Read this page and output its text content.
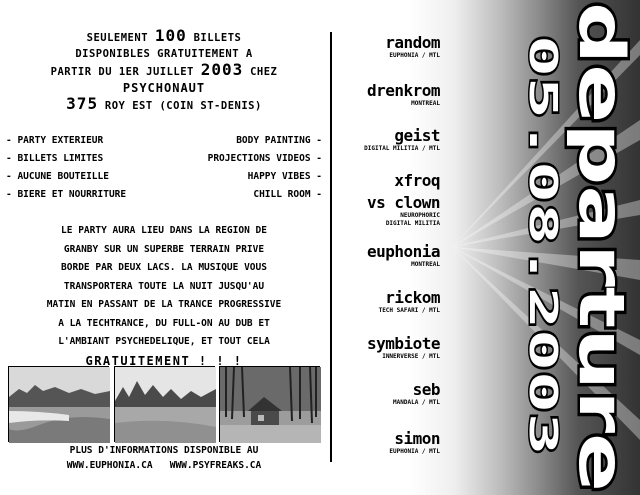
SEULEMENT 100 BILLETS
DISPONIBLES GRATUITEMENT A
PARTIR DU 1ER JUILLET 2003 CHEZ
PSYCHONAUT
375 ROY EST (COIN ST-DENIS)
- PARTY EXTERIEUR	BODY PAINTING -
- BILLETS LIMITES	PROJECTIONS VIDEOS -
- AUCUNE BOUTEILLE	HAPPY VIBES -
- BIERE ET NOURRITURE	CHILL ROOM -
LE PARTY AURA LIEU DANS LA REGION DE
GRANBY SUR UN SUPERBE TERRAIN PRIVE
BORDE PAR DEUX LACS. LA MUSIQUE VOUS
TRANSPORTERA TOUTE LA NUIT JUSQU'AU
MATIN EN PASSANT DE LA TRANCE PROGRESSIVE
A LA TECHTRANCE, DU FULL-ON AU DUB ET
L'AMBIANT PSYCHEDELIQUE, ET TOUT CELA
GRATUITEMENT ! ! !
PLUS D'INFORMATIONS DISPONIBLE AU
WWW.EUPHONIA.CA WWW.PSYFREAKS.CA
random
EUPHONIA / MTL
drenkrom
MONTREAL
geist
DIGITAL MILITIA / MTL
xfroq
vs clown
NEUROPHORIC
DIGITAL MILITIA
euphonia
MONTREAL
rickom
TECH SAFARI / MTL
symbiote
INNERVERSE / MTL
seb
MANDALA / MTL
simon
EUPHONIA / MTL
05.08.2003 departure
